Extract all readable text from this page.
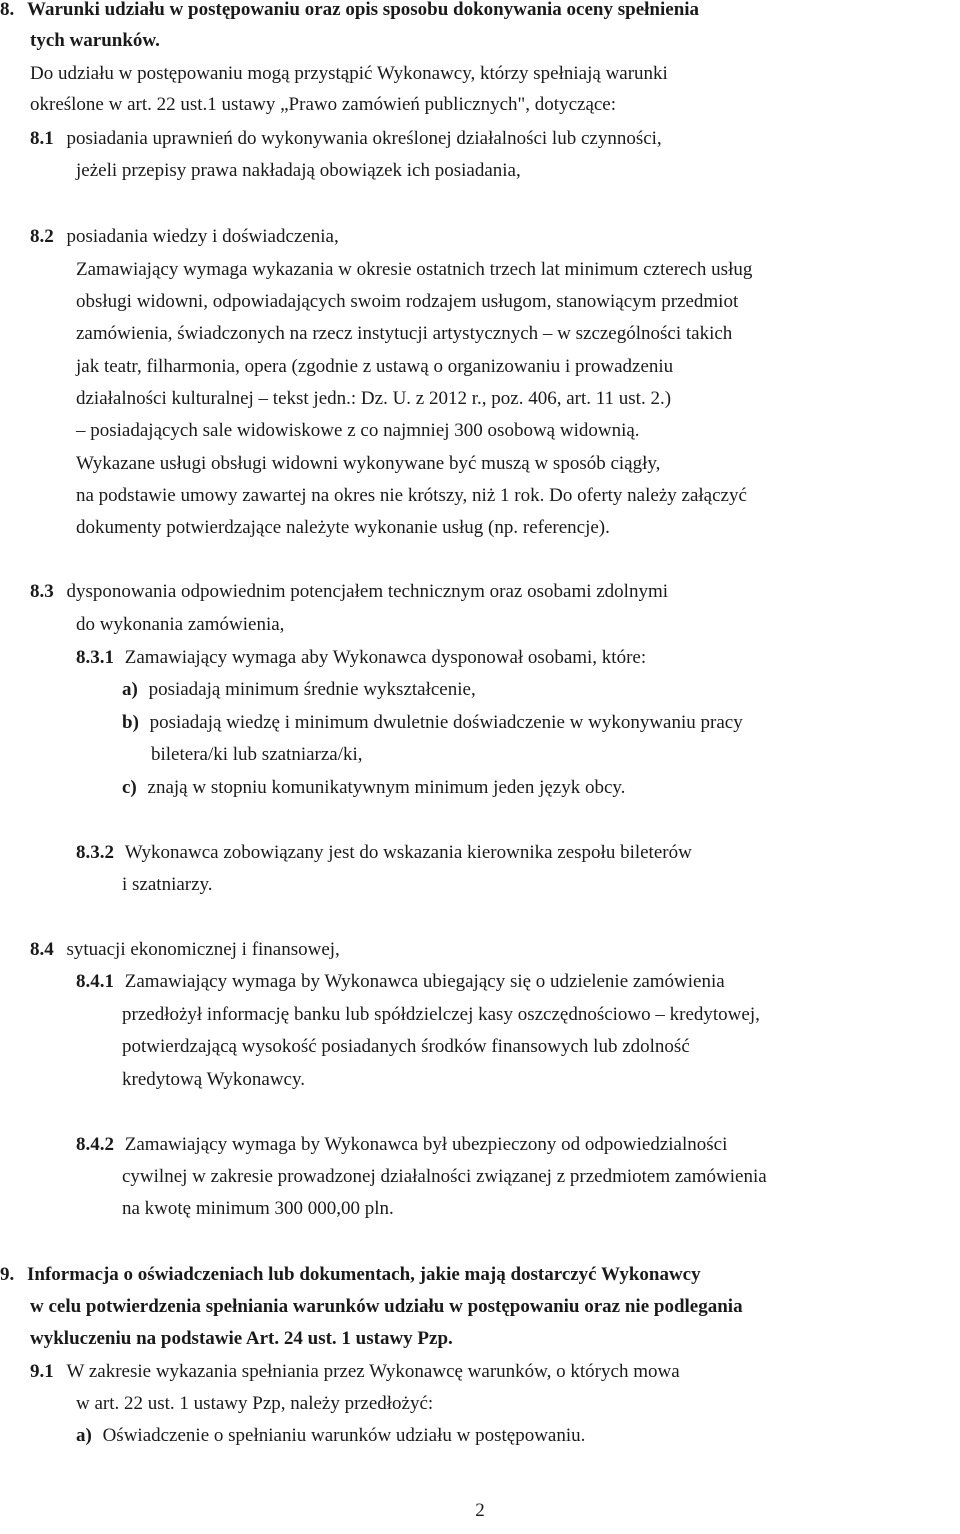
8. Warunki udziału w postępowaniu oraz opis sposobu dokonywania oceny spełnienia
tych warunków.
Do udziału w postępowaniu mogą przystąpić Wykonawcy, którzy spełniają warunki
określone w art. 22 ust.1 ustawy „Prawo zamówień publicznych", dotyczące:
8.1 posiadania uprawnień do wykonywania określonej działalności lub czynności,
jeżeli przepisy prawa nakładają obowiązek ich posiadania,
8.2 posiadania wiedzy i doświadczenia,
Zamawiający wymaga wykazania w okresie ostatnich trzech lat minimum czterech usług
obsługi widowni, odpowiadających swoim rodzajem usługom, stanowiącym przedmiot
zamówienia, świadczonych na rzecz instytucji artystycznych – w szczególności takich
jak teatr, filharmonia, opera (zgodnie z ustawą o organizowaniu i prowadzeniu
działalności kulturalnej – tekst jedn.: Dz. U. z 2012 r., poz. 406, art. 11 ust. 2.)
– posiadających sale widowiskowe z co najmniej 300 osobową widownią.
Wykazane usługi obsługi widowni wykonywane być muszą w sposób ciągły,
na podstawie umowy zawartej na okres nie krótszy, niż 1 rok. Do oferty należy załączyć
dokumenty potwierdzające należyte wykonanie usług (np. referencje).
8.3 dysponowania odpowiednim potencjałem technicznym oraz osobami zdolnymi
do wykonania zamówienia,
8.3.1 Zamawiający wymaga aby Wykonawca dysponował osobami, które:
a) posiadają minimum średnie wykształcenie,
b) posiadają wiedzę i minimum dwuletnie doświadczenie w wykonywaniu pracy
biletera/ki lub szatniarza/ki,
c) znają w stopniu komunikatywnym minimum jeden język obcy.
8.3.2 Wykonawca zobowiązany jest do wskazania kierownika zespołu bileterów
i szatniarzy.
8.4 sytuacji ekonomicznej i finansowej,
8.4.1 Zamawiający wymaga by Wykonawca ubiegający się o udzielenie zamówienia
przedłożył informację banku lub spółdzielczej kasy oszczędnościowo – kredytowej,
potwierdzającą wysokość posiadanych środków finansowych lub zdolność
kredytową Wykonawcy.
8.4.2 Zamawiający wymaga by Wykonawca był ubezpieczony od odpowiedzialności
cywilnej w zakresie prowadzonej działalności związanej z przedmiotem zamówienia
na kwotę minimum 300 000,00 pln.
9. Informacja o oświadczeniach lub dokumentach, jakie mają dostarczyć Wykonawcy
w celu potwierdzenia spełniania warunków udziału w postępowaniu oraz nie podlegania
wykluczeniu na podstawie Art. 24 ust. 1 ustawy Pzp.
9.1 W zakresie wykazania spełniania przez Wykonawcę warunków, o których mowa
w art. 22 ust. 1 ustawy Pzp, należy przedłożyć:
a) Oświadczenie o spełnianiu warunków udziału w postępowaniu.
2
